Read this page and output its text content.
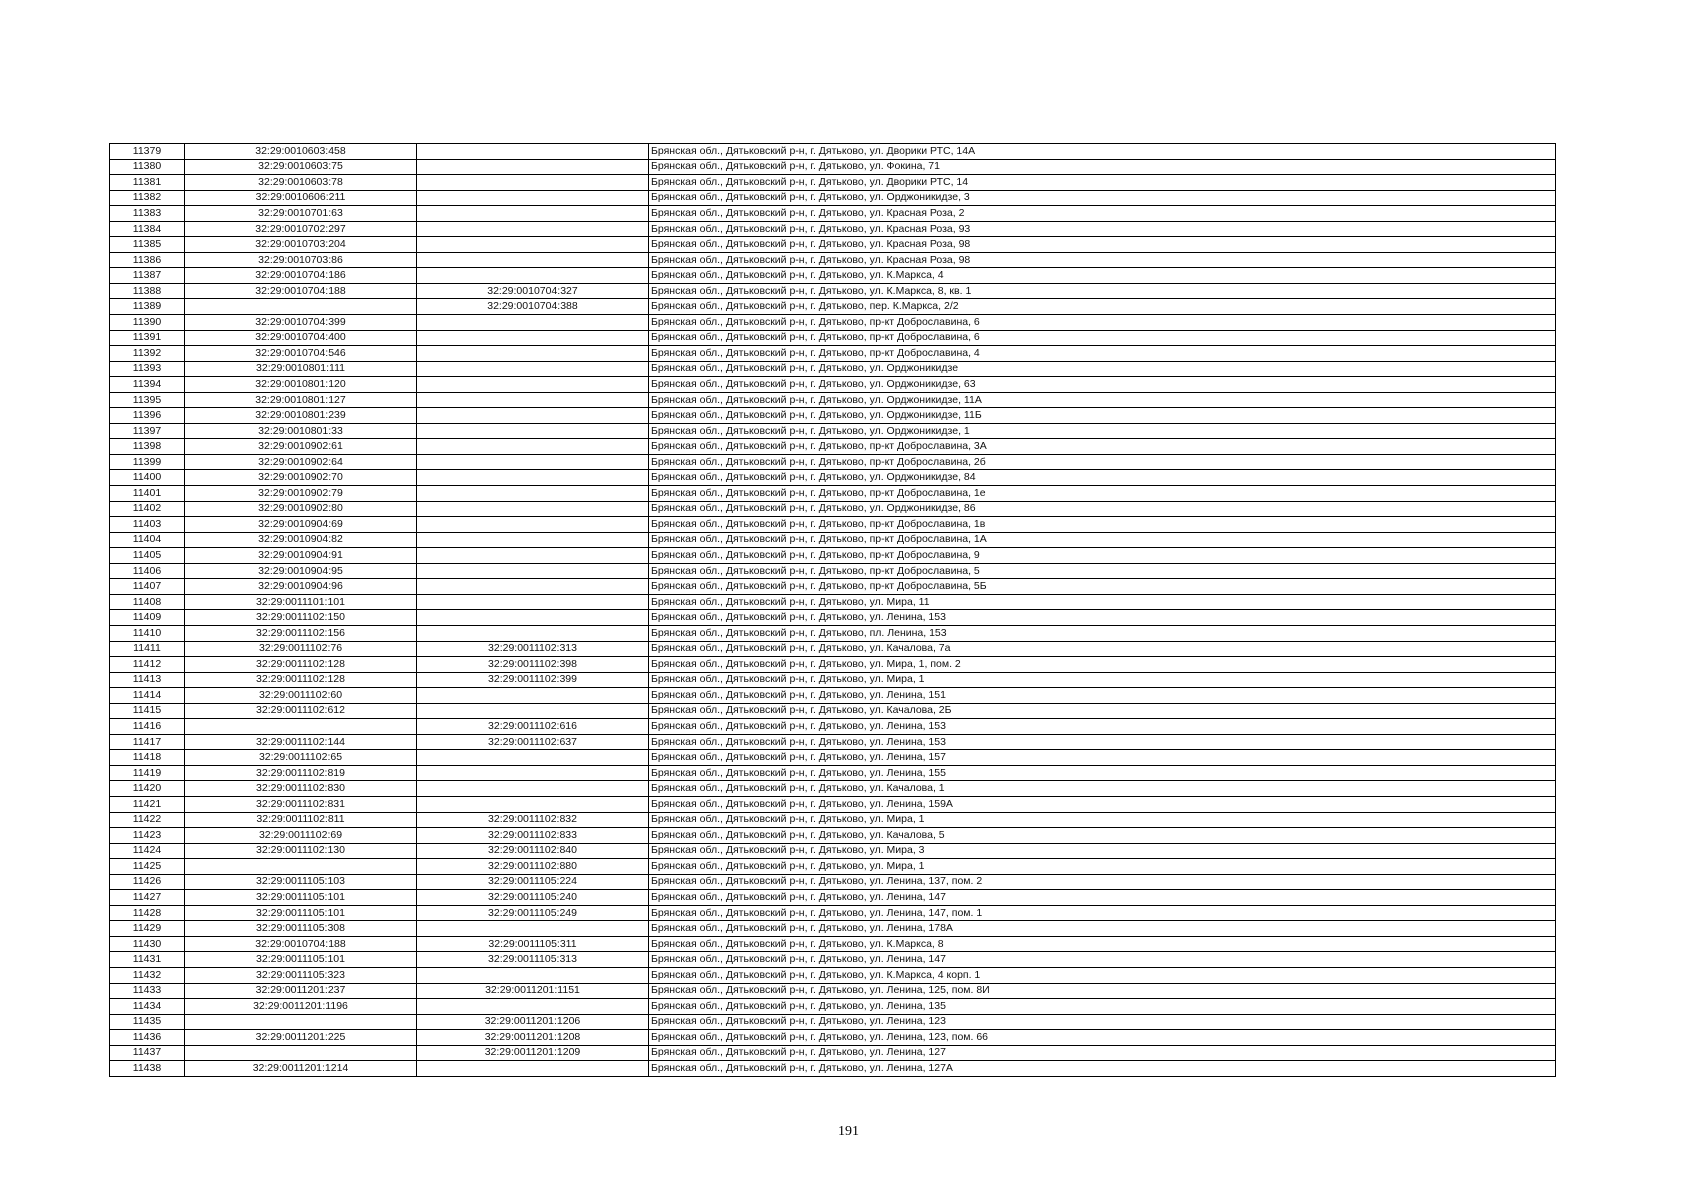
11379	32:29:0010603:458		Брянская обл., Дятьковский р-н, г. Дятьково, ул. Дворики РТС, 14А
11380	32:29:0010603:75		Брянская обл., Дятьковский р-н, г. Дятьково, ул. Фокина, 71
11381	32:29:0010603:78		Брянская обл., Дятьковский р-н, г. Дятьково, ул. Дворики РТС, 14
11382	32:29:0010606:211		Брянская обл., Дятьковский р-н, г. Дятьково, ул. Орджоникидзе, 3
11383	32:29:0010701:63		Брянская обл., Дятьковский р-н, г. Дятьково, ул. Красная Роза, 2
11384	32:29:0010702:297		Брянская обл., Дятьковский р-н, г. Дятьково, ул. Красная Роза, 93
11385	32:29:0010703:204		Брянская обл., Дятьковский р-н, г. Дятьково, ул. Красная Роза, 98
11386	32:29:0010703:86		Брянская обл., Дятьковский р-н, г. Дятьково, ул. Красная Роза, 98
11387	32:29:0010704:186		Брянская обл., Дятьковский р-н, г. Дятьково, ул. К.Маркса, 4
11388	32:29:0010704:188	32:29:0010704:327	Брянская обл., Дятьковский р-н, г. Дятьково, ул. К.Маркса, 8, кв. 1
11389		32:29:0010704:388	Брянская обл., Дятьковский р-н, г. Дятьково, пер. К.Маркса, 2/2
11390	32:29:0010704:399		Брянская обл., Дятьковский р-н, г. Дятьково, пр-кт Доброславина, 6
11391	32:29:0010704:400		Брянская обл., Дятьковский р-н, г. Дятьково, пр-кт Доброславина, 6
11392	32:29:0010704:546		Брянская обл., Дятьковский р-н, г. Дятьково, пр-кт Доброславина, 4
11393	32:29:0010801:111		Брянская обл., Дятьковский р-н, г. Дятьково, ул. Орджоникидзе
11394	32:29:0010801:120		Брянская обл., Дятьковский р-н, г. Дятьково, ул. Орджоникидзе, 63
11395	32:29:0010801:127		Брянская обл., Дятьковский р-н, г. Дятьково, ул. Орджоникидзе, 11А
11396	32:29:0010801:239		Брянская обл., Дятьковский р-н, г. Дятьково, ул. Орджоникидзе, 11Б
11397	32:29:0010801:33		Брянская обл., Дятьковский р-н, г. Дятьково, ул. Орджоникидзе, 1
11398	32:29:0010902:61		Брянская обл., Дятьковский р-н, г. Дятьково, пр-кт Доброславина, 3А
11399	32:29:0010902:64		Брянская обл., Дятьковский р-н, г. Дятьково, пр-кт Доброславина, 2б
11400	32:29:0010902:70		Брянская обл., Дятьковский р-н, г. Дятьково, ул. Орджоникидзе, 84
11401	32:29:0010902:79		Брянская обл., Дятьковский р-н, г. Дятьково, пр-кт Доброславина, 1е
11402	32:29:0010902:80		Брянская обл., Дятьковский р-н, г. Дятьково, ул. Орджоникидзе, 86
11403	32:29:0010904:69		Брянская обл., Дятьковский р-н, г. Дятьково, пр-кт Доброславина, 1в
11404	32:29:0010904:82		Брянская обл., Дятьковский р-н, г. Дятьково, пр-кт Доброславина, 1А
11405	32:29:0010904:91		Брянская обл., Дятьковский р-н, г. Дятьково, пр-кт Доброславина, 9
11406	32:29:0010904:95		Брянская обл., Дятьковский р-н, г. Дятьково, пр-кт Доброславина, 5
11407	32:29:0010904:96		Брянская обл., Дятьковский р-н, г. Дятьково, пр-кт Доброславина, 5Б
11408	32:29:0011101:101		Брянская обл., Дятьковский р-н, г. Дятьково, ул. Мира, 11
11409	32:29:0011102:150		Брянская обл., Дятьковский р-н, г. Дятьково, ул. Ленина, 153
11410	32:29:0011102:156		Брянская обл., Дятьковский р-н, г. Дятьково, пл. Ленина, 153
11411	32:29:0011102:76	32:29:0011102:313	Брянская обл., Дятьковский р-н, г. Дятьково, ул. Качалова, 7а
11412	32:29:0011102:128	32:29:0011102:398	Брянская обл., Дятьковский р-н, г. Дятьково, ул. Мира, 1, пом. 2
11413	32:29:0011102:128	32:29:0011102:399	Брянская обл., Дятьковский р-н, г. Дятьково, ул. Мира, 1
11414	32:29:0011102:60		Брянская обл., Дятьковский р-н, г. Дятьково, ул. Ленина, 151
11415	32:29:0011102:612		Брянская обл., Дятьковский р-н, г. Дятьково, ул. Качалова, 2Б
11416		32:29:0011102:616	Брянская обл., Дятьковский р-н, г. Дятьково, ул. Ленина, 153
11417	32:29:0011102:144	32:29:0011102:637	Брянская обл., Дятьковский р-н, г. Дятьково, ул. Ленина, 153
11418	32:29:0011102:65		Брянская обл., Дятьковский р-н, г. Дятьково, ул. Ленина, 157
11419	32:29:0011102:819		Брянская обл., Дятьковский р-н, г. Дятьково, ул. Ленина, 155
11420	32:29:0011102:830		Брянская обл., Дятьковский р-н, г. Дятьково, ул. Качалова, 1
11421	32:29:0011102:831		Брянская обл., Дятьковский р-н, г. Дятьково, ул. Ленина, 159А
11422	32:29:0011102:811	32:29:0011102:832	Брянская обл., Дятьковский р-н, г. Дятьково, ул. Мира, 1
11423	32:29:0011102:69	32:29:0011102:833	Брянская обл., Дятьковский р-н, г. Дятьково, ул. Качалова, 5
11424	32:29:0011102:130	32:29:0011102:840	Брянская обл., Дятьковский р-н, г. Дятьково, ул. Мира, 3
11425		32:29:0011102:880	Брянская обл., Дятьковский р-н, г. Дятьково, ул. Мира, 1
11426	32:29:0011105:103	32:29:0011105:224	Брянская обл., Дятьковский р-н, г. Дятьково, ул. Ленина, 137, пом. 2
11427	32:29:0011105:101	32:29:0011105:240	Брянская обл., Дятьковский р-н, г. Дятьково, ул. Ленина, 147
11428	32:29:0011105:101	32:29:0011105:249	Брянская обл., Дятьковский р-н, г. Дятьково, ул. Ленина, 147, пом. 1
11429	32:29:0011105:308		Брянская обл., Дятьковский р-н, г. Дятьково, ул. Ленина, 178А
11430	32:29:0010704:188	32:29:0011105:311	Брянская обл., Дятьковский р-н, г. Дятьково, ул. К.Маркса, 8
11431	32:29:0011105:101	32:29:0011105:313	Брянская обл., Дятьковский р-н, г. Дятьково, ул. Ленина, 147
11432	32:29:0011105:323		Брянская обл., Дятьковский р-н, г. Дятьково, ул. К.Маркса, 4 корп. 1
11433	32:29:0011201:237	32:29:0011201:1151	Брянская обл., Дятьковский р-н, г. Дятьково, ул. Ленина, 125, пом. 8И
11434	32:29:0011201:1196		Брянская обл., Дятьковский р-н, г. Дятьково, ул. Ленина, 135
11435		32:29:0011201:1206	Брянская обл., Дятьковский р-н, г. Дятьково, ул. Ленина, 123
11436	32:29:0011201:225	32:29:0011201:1208	Брянская обл., Дятьковский р-н, г. Дятьково, ул. Ленина, 123, пом. 66
11437		32:29:0011201:1209	Брянская обл., Дятьковский р-н, г. Дятьково, ул. Ленина, 127
11438	32:29:0011201:1214		Брянская обл., Дятьковский р-н, г. Дятьково, ул. Ленина, 127А
191
